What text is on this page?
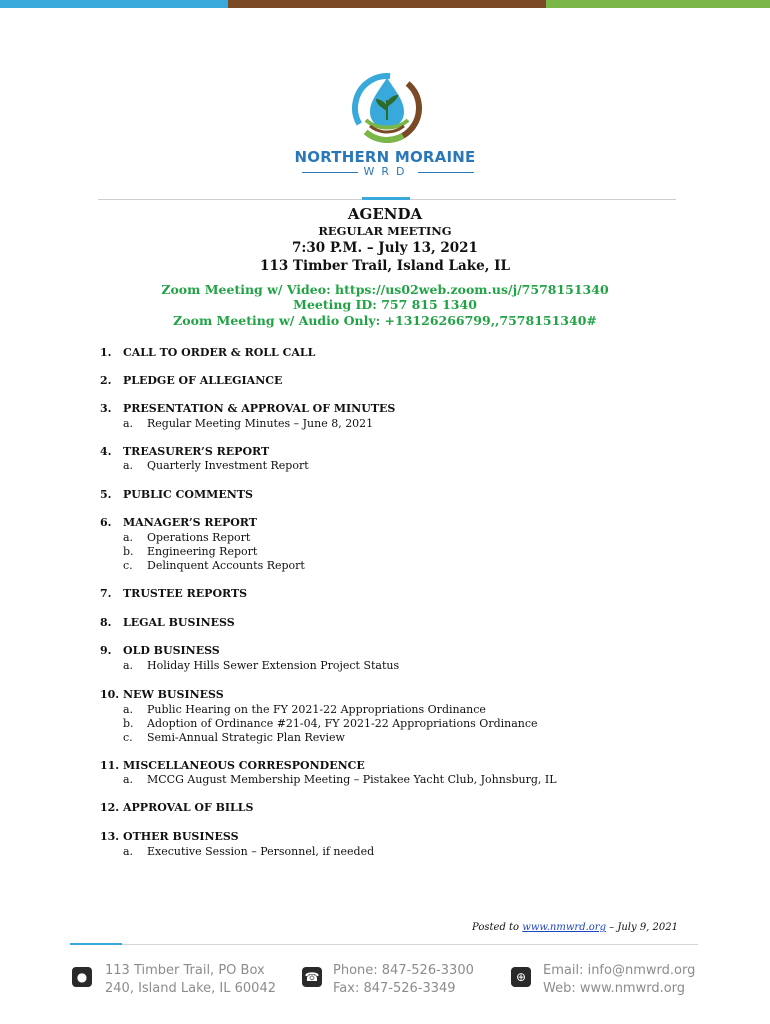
NORTHERN MORAINE
WRD
AGENDA
REGULAR MEETING
7:30 P.M. – July 13, 2021
113 Timber Trail, Island Lake, IL
Zoom Meeting w/ Video: https://us02web.zoom.us/j/7578151340
Meeting ID: 757 815 1340
Zoom Meeting w/ Audio Only: +13126266799,,7578151340#
1. CALL TO ORDER & ROLL CALL
2. PLEDGE OF ALLEGIANCE
3. PRESENTATION & APPROVAL OF MINUTES
a. Regular Meeting Minutes – June 8, 2021
4. TREASURER’S REPORT
a. Quarterly Investment Report
5. PUBLIC COMMENTS
6. MANAGER’S REPORT
a. Operations Report
b. Engineering Report
c. Delinquent Accounts Report
7. TRUSTEE REPORTS
8. LEGAL BUSINESS
9. OLD BUSINESS
a. Holiday Hills Sewer Extension Project Status
10. NEW BUSINESS
a. Public Hearing on the FY 2021-22 Appropriations Ordinance
b. Adoption of Ordinance #21-04, FY 2021-22 Appropriations Ordinance
c. Semi-Annual Strategic Plan Review
11. MISCELLANEOUS CORRESPONDENCE
a. MCCG August Membership Meeting – Pistakee Yacht Club, Johnsburg, IL
12. APPROVAL OF BILLS
13. OTHER BUSINESS
a. Executive Session – Personnel, if needed
Posted to www.nmwrd.org – July 9, 2021
●	113 Timber Trail, PO Box
240, Island Lake, IL 60042
☎ Phone: 847-526-3300
Fax: 847-526-3349
⊕	Email: info@nmwrd.org
Web: www.nmwrd.org
